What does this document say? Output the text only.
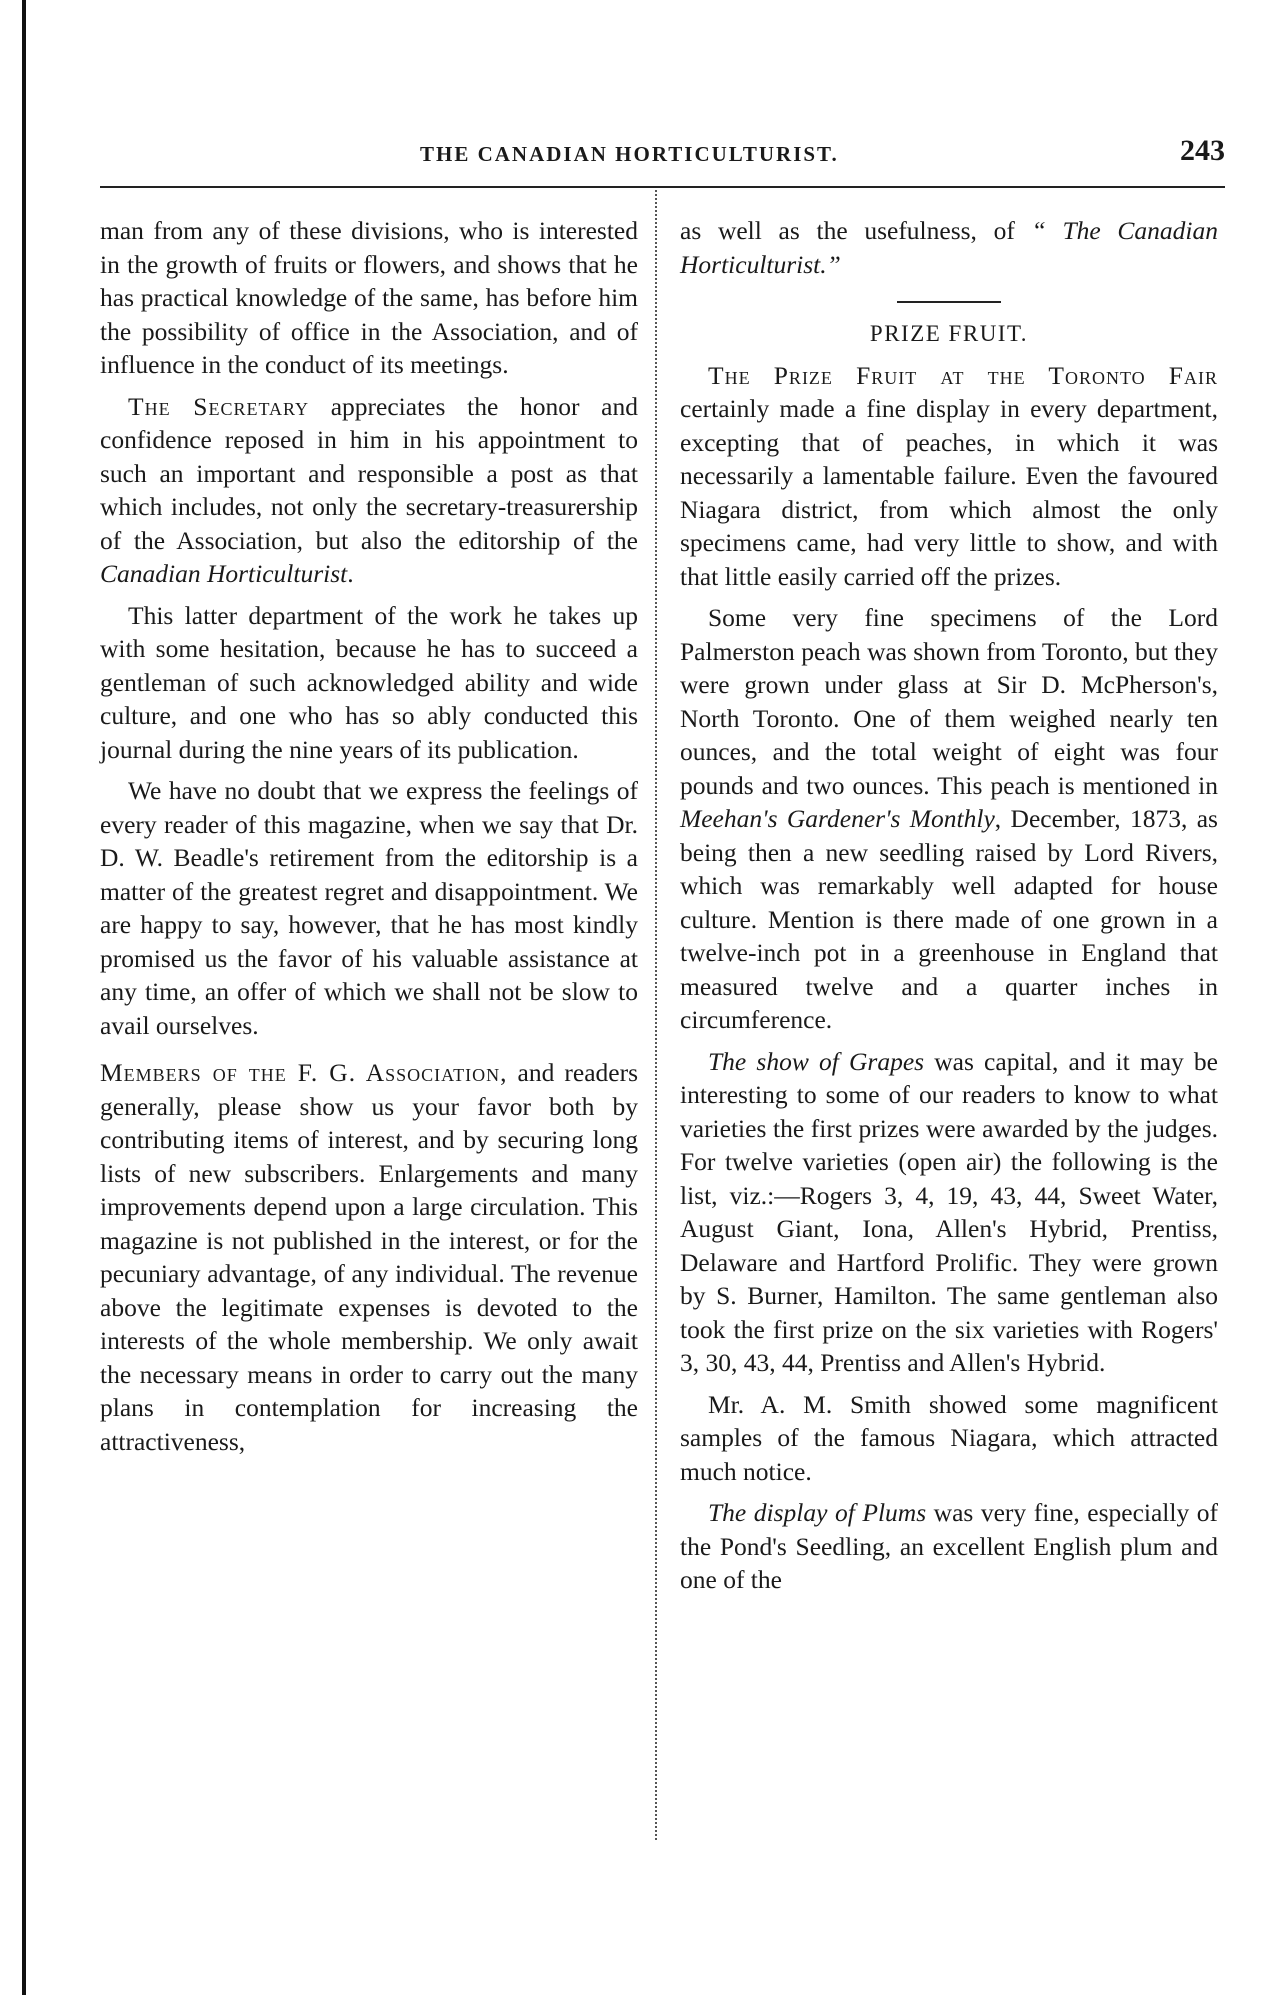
THE CANADIAN HORTICULTURIST.	243

man from any of these divisions, who is interested in the growth of fruits or flowers, and shows that he has practical knowledge of the same, has before him the possibility of office in the Association, and of influence in the conduct of its meetings.

The Secretary appreciates the honor and confidence reposed in him in his appointment to such an important and responsible a post as that which includes, not only the secretary-treasurership of the Association, but also the editorship of the Canadian Horticulturist.

This latter department of the work he takes up with some hesitation, because he has to succeed a gentleman of such acknowledged ability and wide culture, and one who has so ably conducted this journal during the nine years of its publication.

We have no doubt that we express the feelings of every reader of this magazine, when we say that Dr. D. W. Beadle's retirement from the editorship is a matter of the greatest regret and disappointment. We are happy to say, however, that he has most kindly promised us the favor of his valuable assistance at any time, an offer of which we shall not be slow to avail ourselves.

Members of the F. G. Association, and readers generally, please show us your favor both by contributing items of interest, and by securing long lists of new subscribers. Enlargements and many improvements depend upon a large circulation. This magazine is not published in the interest, or for the pecuniary advantage, of any individual. The revenue above the legitimate expenses is devoted to the interests of the whole membership. We only await the necessary means in order to carry out the many plans in contemplation for increasing the attractiveness,

as well as the usefulness, of “ The Canadian Horticulturist.”

PRIZE FRUIT.

The Prize Fruit at the Toronto Fair certainly made a fine display in every department, excepting that of peaches, in which it was necessarily a lamentable failure. Even the favoured Niagara district, from which almost the only specimens came, had very little to show, and with that little easily carried off the prizes.

Some very fine specimens of the Lord Palmerston peach was shown from Toronto, but they were grown under glass at Sir D. McPherson's, North Toronto. One of them weighed nearly ten ounces, and the total weight of eight was four pounds and two ounces. This peach is mentioned in Meehan's Gardener's Monthly, December, 1873, as being then a new seedling raised by Lord Rivers, which was remarkably well adapted for house culture. Mention is there made of one grown in a twelve-inch pot in a greenhouse in England that measured twelve and a quarter inches in circumference.

The show of Grapes was capital, and it may be interesting to some of our readers to know to what varieties the first prizes were awarded by the judges. For twelve varieties (open air) the following is the list, viz.:—Rogers 3, 4, 19, 43, 44, Sweet Water, August Giant, Iona, Allen's Hybrid, Prentiss, Delaware and Hartford Prolific. They were grown by S. Burner, Hamilton. The same gentleman also took the first prize on the six varieties with Rogers' 3, 30, 43, 44, Prentiss and Allen's Hybrid.

Mr. A. M. Smith showed some magnificent samples of the famous Niagara, which attracted much notice.

The display of Plums was very fine, especially of the Pond's Seedling, an excellent English plum and one of the
